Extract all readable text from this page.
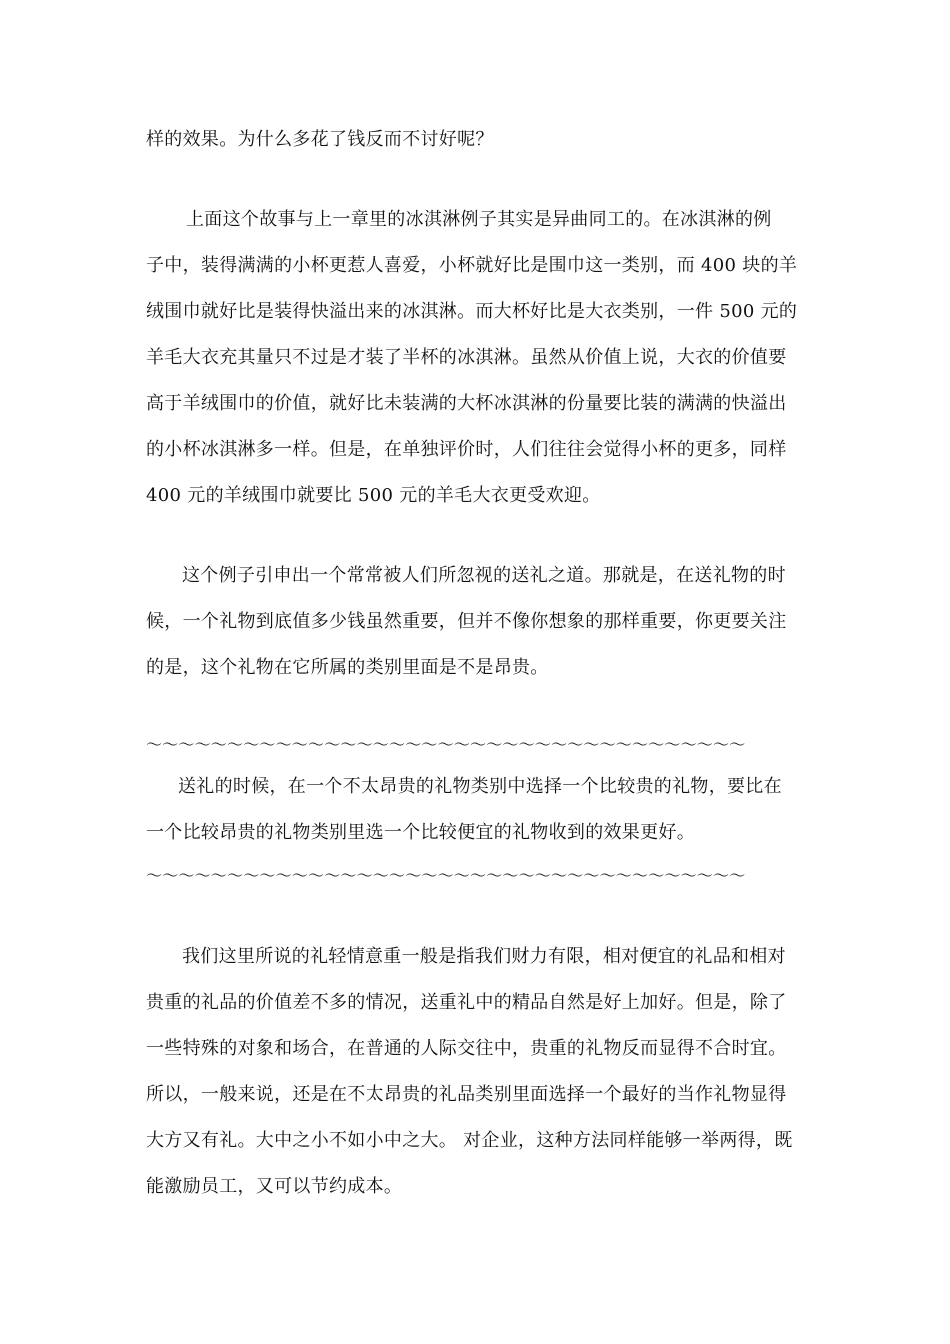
样的效果。为什么多花了钱反而不讨好呢？
上面这个故事与上一章里的冰淇淋例子其实是异曲同工的。在冰淇淋的例
子中，装得满满的小杯更惹人喜爱，小杯就好比是围巾这一类别，而 400 块的羊
绒围巾就好比是装得快溢出来的冰淇淋。而大杯好比是大衣类别，一件 500 元的
羊毛大衣充其量只不过是才装了半杯的冰淇淋。虽然从价值上说，大衣的价值要
高于羊绒围巾的价值，就好比未装满的大杯冰淇淋的份量要比装的满满的快溢出
的小杯冰淇淋多一样。但是，在单独评价时，人们往往会觉得小杯的更多，同样
400 元的羊绒围巾就要比 500 元的羊毛大衣更受欢迎。
这个例子引申出一个常常被人们所忽视的送礼之道。那就是，在送礼物的时
候，一个礼物到底值多少钱虽然重要，但并不像你想象的那样重要，你更要关注
的是，这个礼物在它所属的类别里面是不是昂贵。
～～～～～～～～～～～～～～～～～～～～～～～～～～～～～～～～～～～～～
送礼的时候，在一个不太昂贵的礼物类别中选择一个比较贵的礼物，要比在
一个比较昂贵的礼物类别里选一个比较便宜的礼物收到的效果更好。
～～～～～～～～～～～～～～～～～～～～～～～～～～～～～～～～～～～～～
我们这里所说的礼轻情意重一般是指我们财力有限，相对便宜的礼品和相对
贵重的礼品的价值差不多的情况，送重礼中的精品自然是好上加好。但是，除了
一些特殊的对象和场合，在普通的人际交往中，贵重的礼物反而显得不合时宜。
所以，一般来说，还是在不太昂贵的礼品类别里面选择一个最好的当作礼物显得
大方又有礼。大中之小不如小中之大。 对企业，这种方法同样能够一举两得，既
能激励员工，又可以节约成本。
